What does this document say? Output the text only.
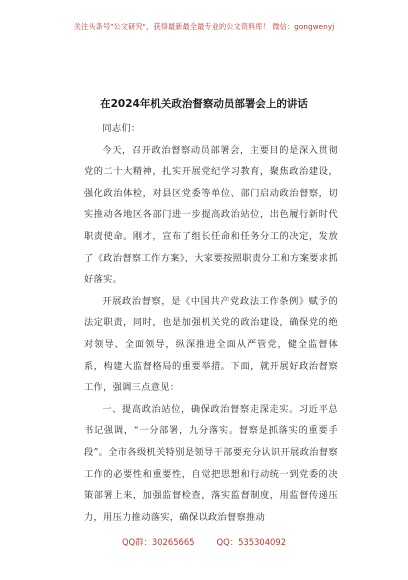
关注头条号"公文研究"，获得最新最全最专业的公文资料库！ 微信：gongwenyj
在2024年机关政治督察动员部署会上的讲话

同志们：

今天，召开政治督察动员部署会，主要目的是深入贯彻党的二十大精神，扎实开展党纪学习教育，聚焦政治建设，强化政治体检，对县区党委等单位、部门启动政治督察，切实推动各地区各部门进一步提高政治站位，出色履行新时代职责使命。刚才，宣布了组长任命和任务分工的决定，发放了《政治督察工作方案》，大家要按照职责分工和方案要求抓好落实。

开展政治督察，是《中国共产党政法工作条例》赋予的法定职责，同时，也是加强机关党的政治建设，确保党的绝对领导、全面领导，纵深推进全面从严管党，健全监督体系，构建大监督格局的重要举措。下面，就开展好政治督察工作，强调三点意见：

一、提高政治站位，确保政治督察走深走实。习近平总书记强调，“一分部署，九分落实。督察是抓落实的重要手段”。全市各级机关特别是领导干部要充分认识开展政治督察工作的必要性和重要性，自觉把思想和行动统一到党委的决策部署上来，加强监督检查，落实监督制度，用监督传递压力，用压力推动落实，确保以政治督察推动

QQ群：30265665	QQ：535304092
